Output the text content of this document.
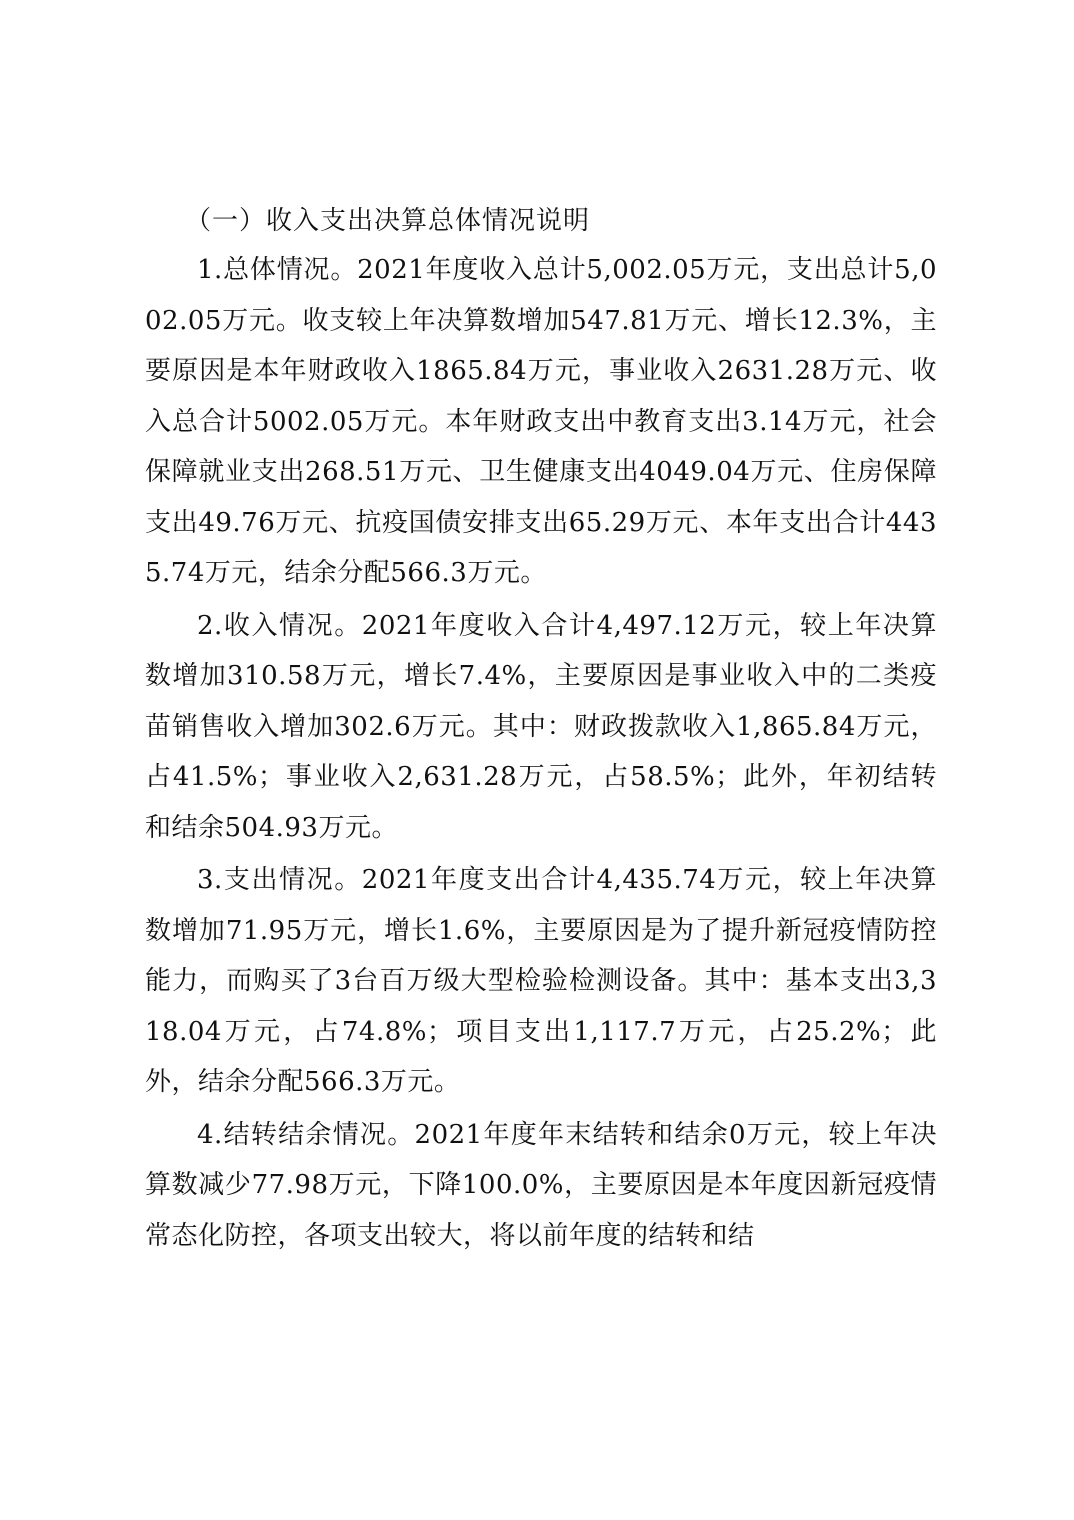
（一）收入支出决算总体情况说明

1.总体情况。2021年度收入总计5,002.05万元，支出总计5,002.05万元。收支较上年决算数增加547.81万元、增长12.3%，主要原因是本年财政收入1865.84万元，事业收入2631.28万元、收入总合计5002.05万元。本年财政支出中教育支出3.14万元，社会保障就业支出268.51万元、卫生健康支出4049.04万元、住房保障支出49.76万元、抗疫国债安排支出65.29万元、本年支出合计4435.74万元，结余分配566.3万元。

2.收入情况。2021年度收入合计4,497.12万元，较上年决算数增加310.58万元，增长7.4%，主要原因是事业收入中的二类疫苗销售收入增加302.6万元。其中：财政拨款收入1,865.84万元，占41.5%；事业收入2,631.28万元，占58.5%；此外，年初结转和结余504.93万元。

3.支出情况。2021年度支出合计4,435.74万元，较上年决算数增加71.95万元，增长1.6%，主要原因是为了提升新冠疫情防控能力，而购买了3台百万级大型检验检测设备。其中：基本支出3,318.04万元，占74.8%；项目支出1,117.7万元，占25.2%；此外，结余分配566.3万元。

4.结转结余情况。2021年度年末结转和结余0万元，较上年决算数减少77.98万元，下降100.0%，主要原因是本年度因新冠疫情常态化防控，各项支出较大，将以前年度的结转和结
